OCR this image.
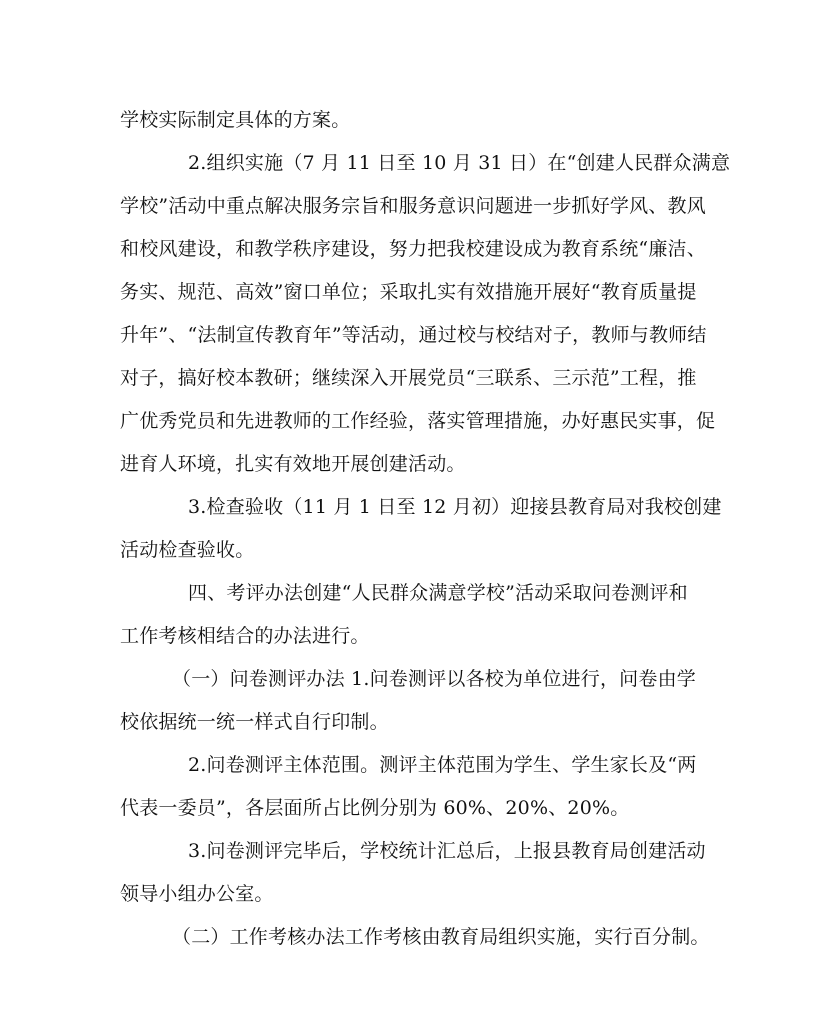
学校实际制定具体的方案。
2.组织实施（7 月 11 日至 10 月 31 日）在“创建人民群众满意
学校”活动中重点解决服务宗旨和服务意识问题进一步抓好学风、教风
和校风建设，和教学秩序建设，努力把我校建设成为教育系统“廉洁、
务实、规范、高效”窗口单位；采取扎实有效措施开展好“教育质量提
升年”、“法制宣传教育年”等活动，通过校与校结对子，教师与教师结
对子，搞好校本教研；继续深入开展党员“三联系、三示范”工程，推
广优秀党员和先进教师的工作经验，落实管理措施，办好惠民实事，促
进育人环境，扎实有效地开展创建活动。
3.检查验收（11 月 1 日至 12 月初）迎接县教育局对我校创建
活动检查验收。
四、考评办法创建“人民群众满意学校”活动采取问卷测评和
工作考核相结合的办法进行。
（一）问卷测评办法 1.问卷测评以各校为单位进行，问卷由学
校依据统一统一样式自行印制。
2.问卷测评主体范围。测评主体范围为学生、学生家长及“两
代表一委员”，各层面所占比例分别为 60%、20%、20%。
3.问卷测评完毕后，学校统计汇总后，上报县教育局创建活动
领导小组办公室。
（二）工作考核办法工作考核由教育局组织实施，实行百分制。
